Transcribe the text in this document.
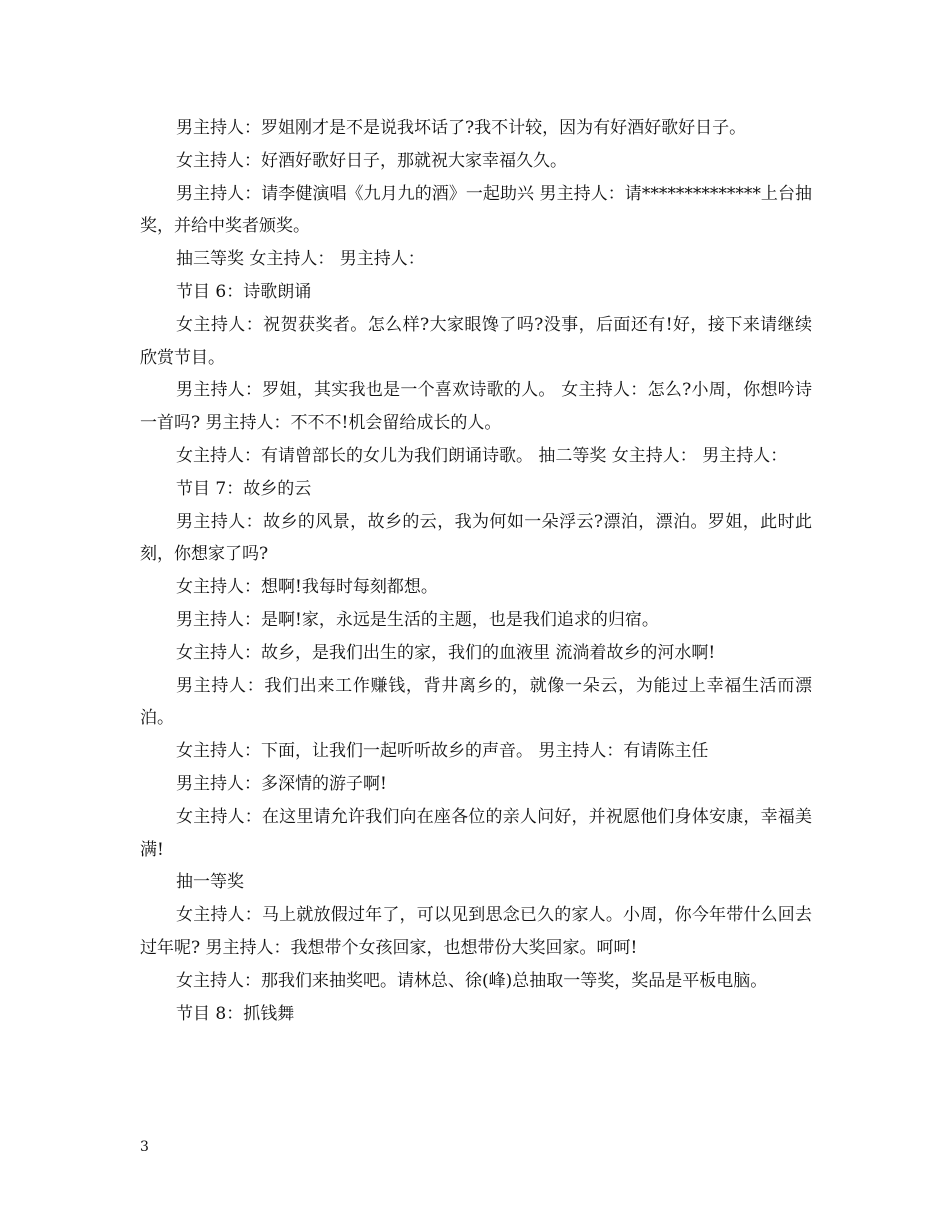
男主持人：罗姐刚才是不是说我坏话了?我不计较，因为有好酒好歌好日子。

女主持人：好酒好歌好日子，那就祝大家幸福久久。

男主持人：请李健演唱《九月九的酒》一起助兴 男主持人：请**************上台抽奖，并给中奖者颁奖。

抽三等奖 女主持人： 男主持人：

节目 6：诗歌朗诵

女主持人：祝贺获奖者。怎么样?大家眼馋了吗?没事，后面还有!好，接下来请继续欣赏节目。

男主持人：罗姐，其实我也是一个喜欢诗歌的人。 女主持人：怎么?小周，你想吟诗一首吗? 男主持人：不不不!机会留给成长的人。

女主持人：有请曾部长的女儿为我们朗诵诗歌。 抽二等奖 女主持人： 男主持人：

节目 7：故乡的云

男主持人：故乡的风景，故乡的云，我为何如一朵浮云?漂泊，漂泊。罗姐，此时此刻，你想家了吗?

女主持人：想啊!我每时每刻都想。

男主持人：是啊!家，永远是生活的主题，也是我们追求的归宿。

女主持人：故乡，是我们出生的家，我们的血液里 流淌着故乡的河水啊!

男主持人：我们出来工作赚钱，背井离乡的，就像一朵云，为能过上幸福生活而漂泊。

女主持人：下面，让我们一起听听故乡的声音。 男主持人：有请陈主任

男主持人：多深情的游子啊!

女主持人：在这里请允许我们向在座各位的亲人问好，并祝愿他们身体安康，幸福美满!

抽一等奖

女主持人：马上就放假过年了，可以见到思念已久的家人。小周，你今年带什么回去过年呢? 男主持人：我想带个女孩回家，也想带份大奖回家。呵呵!

女主持人：那我们来抽奖吧。请林总、徐(峰)总抽取一等奖，奖品是平板电脑。

节目 8：抓钱舞

3
